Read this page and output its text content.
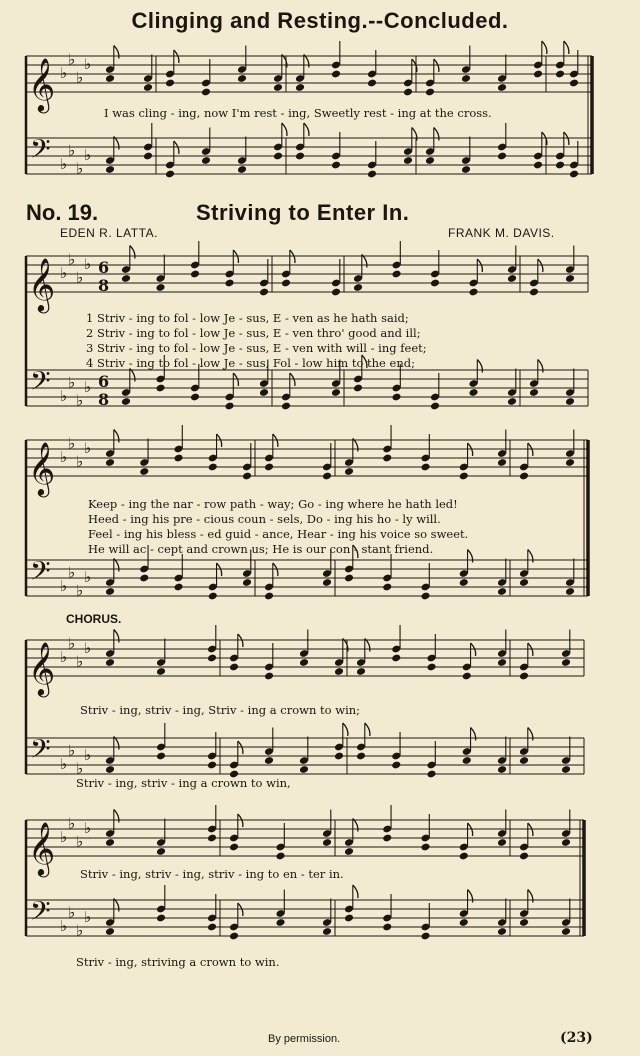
𝄞
𝄢
♭
♭
♭
♭
♭
♭
♭
♭
𝄞
𝄢
♭
♭
♭
♭
♭
♭
♭
♭
6
8
6
8
𝄞
𝄢
♭
♭
♭
♭
♭
♭
♭
♭
𝄞
𝄢
♭
♭
♭
♭
♭
♭
♭
♭
𝄞
𝄢
♭
♭
♭
♭
♭
♭
♭
♭
Clinging and Resting.--Concluded.
I was cling - ing, now I'm rest - ing, Sweetly rest - ing at the cross.
No. 19.	Striving to Enter In.
EDEN R. LATTA.	FRANK M. DAVIS.
1 Striv - ing to fol - low Je - sus, E - ven as he hath said;
2 Striv - ing to fol - low Je - sus, E - ven thro' good and ill;
3 Striv - ing to fol - low Je - sus, E - ven with will - ing feet;
4 Striv - ing to fol - low Je - sus, Fol - low him to the end;
Keep - ing the nar - row path - way; Go - ing where he hath led!
Heed - ing his pre - cious coun - sels, Do - ing his ho - ly will.
Feel - ing his bless - ed guid - ance, Hear - ing his voice so sweet.
He will ac - cept and crown us; He is our con - stant friend.
CHORUS.
Striv - ing, striv - ing, Striv - ing a crown to win;
Striv - ing, striv - ing a crown to win,
Striv - ing, striv - ing, striv - ing to en - ter in.
Striv - ing, striving a crown to win.
By permission.	(23)
